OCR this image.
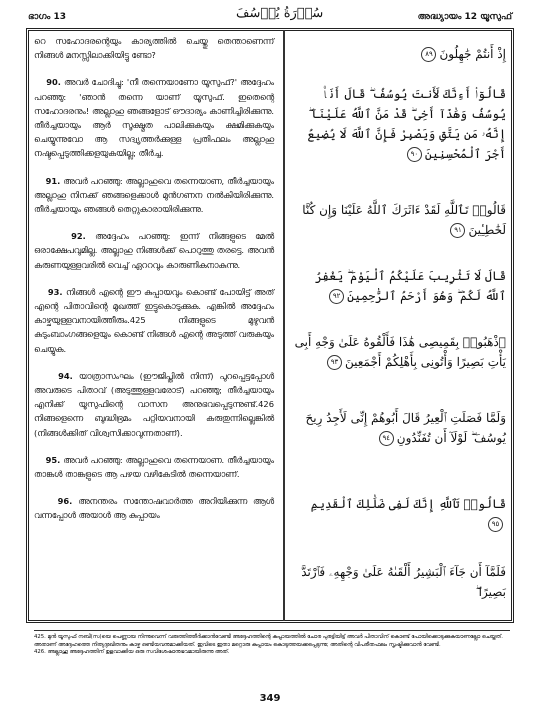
ഭാഗം 13	سُوۡرَةُ یُوۡسُفَ	അദ്ധ്യായം 12 യൂസുഫ്

റെ സഹോദരന്റെയും കാര്യത്തിൽ ചെയ്തു തെന്താണെന്ന് നിങ്ങൾ മനസ്സിലാക്കിയിട്ടു ണ്ടോ?

90. അവർ ചോദിച്ചു: 'നീ തന്നെയാണോ യൂസുഫ്?' അദ്ദേഹം പറഞ്ഞു: 'ഞാൻ തന്നെ യാണ് യൂസുഫ്. ഇതെന്റെ സഹോദരനും! അല്ലാഹു ഞങ്ങളോട് ഔദാര്യം കാണിച്ചിരിക്കുന്നു. തീർച്ചയായും ആർ സൂക്ഷ്മത പാലിക്കുകയും ക്ഷമിക്കുകയും ചെയ്യുന്നുവോ ആ സദ്വൃത്തർക്കുള്ള പ്രതിഫലം അല്ലാഹു നഷ്ടപ്പെടുത്തിക്കളയുകയില്ല; തീർച്ച.

91. അവർ പറഞ്ഞു: അല്ലാഹുവെ തന്നെയാണ, തീർച്ചയായും അല്ലാഹു നിനക്ക് ഞങ്ങളെക്കാൾ മുൻഗണന നൽകിയിരിക്കുന്നു. തീർച്ചയായും ഞങ്ങൾ തെറ്റുകാരായിരിക്കുന്നു.

92. അദ്ദേഹം പറഞ്ഞു: ഇന്ന് നിങ്ങളുടെ മേൽ ഒരാക്ഷേപവുമില്ല. അല്ലാഹു നിങ്ങൾക്ക് പൊറുത്തു തരട്ടെ. അവൻ കരുണയുള്ളവരിൽ വെച്ച് ഏററവും കാരുണികനാകുന്നു.

93. നിങ്ങൾ എന്റെ ഈ കുപ്പായവും കൊണ്ട് പോയിട്ട് അത് എന്റെ പിതാവിന്റെ മുഖത്ത് ഇട്ടുകൊടുക്കുക. എങ്കിൽ അദ്ദേഹം കാഴ്ചയുള്ളവനായിത്തീരും.425 നിങ്ങളുടെ മുഴുവൻ കുടുംബാംഗങ്ങളെയും കൊണ്ട് നിങ്ങൾ എന്റെ അടുത്ത് വരുകയും ചെയ്യുക.

94. യാത്രാസംഘം (ഈജിപ്തിൽ നിന്ന്) പുറപ്പെട്ടപ്പോൾ അവരുടെ പിതാവ് (അടുത്തുള്ളവരോട്) പറഞ്ഞു; തീർച്ചയായും എനിക്ക് യൂസുഫിന്റെ വാസന അനുഭവപ്പെടുന്നുണ്ട്.426 നിങ്ങളെന്നെ ബുദ്ധിഭ്രമം പറ്റിയവനായി കരുതുന്നില്ലെങ്കിൽ (നിങ്ങൾക്കിത് വിശ്വസിക്കാവുന്നതാണ്).

95. അവർ പറഞ്ഞു: അല്ലാഹുവെ തന്നെയാണ. തീർച്ചയായും താങ്കൾ താങ്കളുടെ ആ പഴയ വഴികേടിൽ തന്നെയാണ്.

96. അനന്തരം സന്തോഷവാർത്ത അറിയിക്കുന്ന ആൾ വന്നപ്പോൾ അയാൾ ആ കുപ്പായം

إِذْ أَنتُمْ جَٰهِلُونَ٨٩
قَالُوٓا۟ أَءِنَّكَ لَأَنتَ يُوسُفُ ۖ قَالَ أَنَا۠ يُوسُفُ وَهَٰذَآ أَخِى ۖ قَدْ مَنَّ ٱللَّهُ عَلَيْنَآ ۖ إِنَّهُۥ مَن يَتَّقِ وَيَصْبِرْ فَإِنَّ ٱللَّهَ لَا يُضِيعُ أَجْرَ ٱلْمُحْسِنِينَ٩٠
قَالُوا۟ تَٱللَّهِ لَقَدْ ءَاثَرَكَ ٱللَّهُ عَلَيْنَا وَإِن كُنَّا لَخَٰطِـِٔينَ٩١
قَالَ لَا تَثْرِيبَ عَلَيْكُمُ ٱلْيَوْمَ ۖ يَغْفِرُ ٱللَّهُ لَكُمْ ۖ وَهُوَ أَرْحَمُ ٱلرَّٰحِمِينَ٩٢
ٱذْهَبُوا۟ بِقَمِيصِى هَٰذَا فَأَلْقُوهُ عَلَىٰ وَجْهِ أَبِى يَأْتِ بَصِيرًا وَأْتُونِى بِأَهْلِكُمْ أَجْمَعِينَ٩٣
وَلَمَّا فَصَلَتِ ٱلْعِيرُ قَالَ أَبُوهُمْ إِنِّى لَأَجِدُ رِيحَ يُوسُفَ ۖ لَوْلَآ أَن تُفَنِّدُونِ٩٤
قَالُوا۟ تَٱللَّهِ إِنَّكَ لَفِى ضَلَٰلِكَ ٱلْقَدِيمِ٩٥
فَلَمَّآ أَن جَآءَ ٱلْبَشِيرُ أَلْقَىٰهُ عَلَىٰ وَجْهِهِۦ فَٱرْتَدَّ بَصِيرًا ۖ
425. മുൻ യൂസുഫ് നബി(സ)യെ പെണ്ണായ നിന്നുവെന്ന് വരുത്തിത്തീർക്കാൻവേണ്ടി അദ്ദേഹത്തിന്റെ കുപ്പായത്തിൽ ചോര പുരട്ടിയിട്ട് അവർ പിതാവിന് കൊണ്ട് പോയിക്കൊടുക്കുകയാണല്ലോ ചെയ്തത്. അതാണ് അദ്ദേഹത്തെ നിത്യദുഃഖിതനും കാഴ്ച ഒണ്ടിയവനുമാക്കിയത്. ഇവിടെ ഇതാ മറ്റൊരു കുപ്പായം കൊടുത്തയക്കപ്പെടുന്നു; അതിന്റെ വിപരീതഫലം സൃഷ്ടിക്കുവാൻ വേണ്ടി.
426. അല്ലാഹു അദ്ദേഹത്തിന് ഉളവാക്കിയ ഒരു സവിശേഷാനുഭവമായിരുന്നു അത്.
349
